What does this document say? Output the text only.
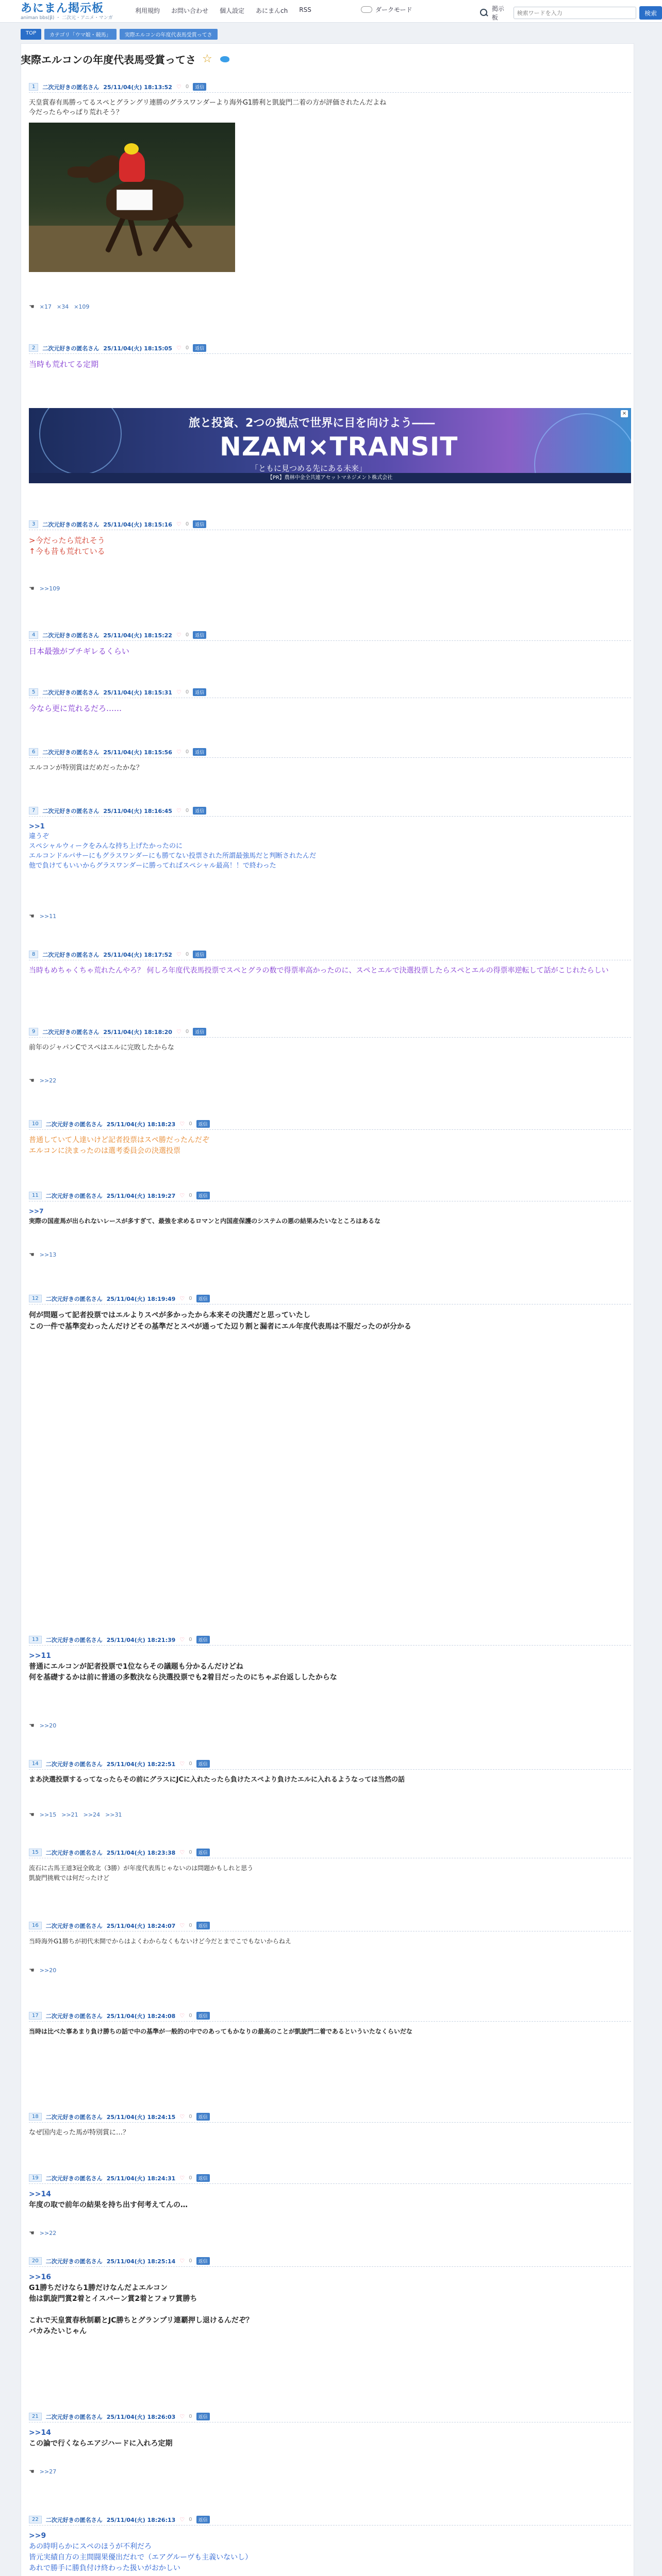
あにまん掲示板
animan bbs(β) ・ 二次元・アニメ・マンガ
利用規約 お問い合わせ 個人設定 あにまんch RSS	ダークモード	掲示板
検索ワードを入力
検索
TOP	カテゴリ「ウマ娘・競馬」	実際エルコンの年度代表馬受賞ってさ
実際エルコンの年度代表馬受賞ってさ ☆
1	二次元好きの匿名さん 25/11/04(火) 18:13:52 ♡ 0	返信
天皇賞春有馬勝ってるスペとグラングリ連勝のグラスワンダーより海外G1勝利と凱旋門二着の方が評価されたんだよね
今だったらやっぱり荒れそう？
☚ ×17 ×34 ×109
2	二次元好きの匿名さん 25/11/04(火) 18:15:05 ♡ 0	返信
当時も荒れてる定期
旅と投資、2つの拠点で世界に目を向けよう――
NZAM×TRANSIT
「ともに見つめる先にある未来」
【PR】農林中金全共連アセットマネジメント株式会社
×
3	二次元好きの匿名さん 25/11/04(火) 18:15:16 ♡ 0	返信
>今だったら荒れそう
↑今も昔も荒れている
☚ >>109
4	二次元好きの匿名さん 25/11/04(火) 18:15:22 ♡ 0	返信
日本最強がブチギレるくらい
5	二次元好きの匿名さん 25/11/04(火) 18:15:31 ♡ 0	返信
今なら更に荒れるだろ……
6	二次元好きの匿名さん 25/11/04(火) 18:15:56 ♡ 0	返信
エルコンが特別賞はだめだったかな？
7	二次元好きの匿名さん 25/11/04(火) 18:16:45 ♡ 0	返信
>>1
違うぞ
スペシャルウィークをみんな持ち上げたかったのに
エルコンドルパサーにもグラスワンダーにも勝てない投票された所謂最強馬だと判断されたんだ
他で負けてもいいからグラスワンダーに勝ってればスペシャル最高！！で終わった
☚ >>11
8	二次元好きの匿名さん 25/11/04(火) 18:17:52 ♡ 0	返信
当時もめちゃくちゃ荒れたんやろ？ 何しろ年度代表馬投票でスペとグラの数で得票率高かったのに、スペとエルで決選投票したらスペとエルの得票率逆転して話がこじれたらしい
9	二次元好きの匿名さん 25/11/04(火) 18:18:20 ♡ 0	返信
前年のジャパンCでスペはエルに完敗したからな
☚ >>22
10	二次元好きの匿名さん 25/11/04(火) 18:18:23 ♡ 0	返信
普通していて人達いけど記者投票はスペ勝だったんだぞ
エルコンに決まったのは選考委員会の決選投票
11	二次元好きの匿名さん 25/11/04(火) 18:19:27 ♡ 0	返信
>>7
実際の国産馬が出られないレースが多すぎて、最強を求めるロマンと内国産保護のシステムの悪の結果みたいなところはあるな
☚ >>13
12	二次元好きの匿名さん 25/11/04(火) 18:19:49 ♡ 0	返信
何が問題って記者投票ではエルよりスペが多かったから本来その決選だと思っていたし
この一件で基準変わったんだけどその基準だとスペが通ってた辺り割と漏者にエル年度代表馬は不服だったのが分かる
13	二次元好きの匿名さん 25/11/04(火) 18:21:39 ♡ 0	返信
>>11
普通にエルコンが記者投票で1位ならその議題も分かるんだけどね
何を基礎するかは前に普通の多数決なら決選投票でも2着目だったのにちゃぶ台返ししたからな
☚ >>20
14	二次元好きの匿名さん 25/11/04(火) 18:22:51 ♡ 0	返信
まあ決選投票するってなったらその前にグラスにJCに入れたったら負けたスペより負けたエルに入れるようなっては当然の話
☚ >>15 >>21 >>24 >>31
15	二次元好きの匿名さん 25/11/04(火) 18:23:38 ♡ 0	返信
流石に古馬王道3冠全敗北（3勝）が年度代表馬じゃないのは問題かもしれと思う
凱旋門挑戦では何だったけど
16	二次元好きの匿名さん 25/11/04(火) 18:24:07 ♡ 0	返信
当時海外G1勝ちが初代未開でからはよくわからなくもないけど今だとまでこでもないからねえ
☚ >>20
17	二次元好きの匿名さん 25/11/04(火) 18:24:08 ♡ 0	返信
当時は比べた事あまり負け勝ちの話で中の基準が一般的の中でのあってもかなりの最高のことが凱旋門二着であるといういたなくらいだな
18	二次元好きの匿名さん 25/11/04(火) 18:24:15 ♡ 0	返信
なぜ国内走った馬が特別賞に…？
19	二次元好きの匿名さん 25/11/04(火) 18:24:31 ♡ 0	返信
>>14
年度の取で前年の結果を持ち出す何考えてんの…
☚ >>22
20	二次元好きの匿名さん 25/11/04(火) 18:25:14 ♡ 0	返信
>>16
G1勝ちだけなら1勝だけなんだよエルコン
他は凱旋門賞2着とイスパーン賞2着とフォワ賞勝ち
これで天皇賞春秋制覇とJC勝ちとグランプリ連覇押し退けるんだぞ？
バカみたいじゃん
21	二次元好きの匿名さん 25/11/04(火) 18:26:03 ♡ 0	返信
>>14
この論で行くならエアジハードに入れろ定期
☚ >>27
22	二次元好きの匿名さん 25/11/04(火) 18:26:13 ♡ 0	返信
>>9
あの時明らかにスペのほうが不利だろ
皆元実績自方の主間闘果優出だれで（エアグルーヴも主義いないし）
あれで勝手に勝負付け終わった扱いがおかしい
